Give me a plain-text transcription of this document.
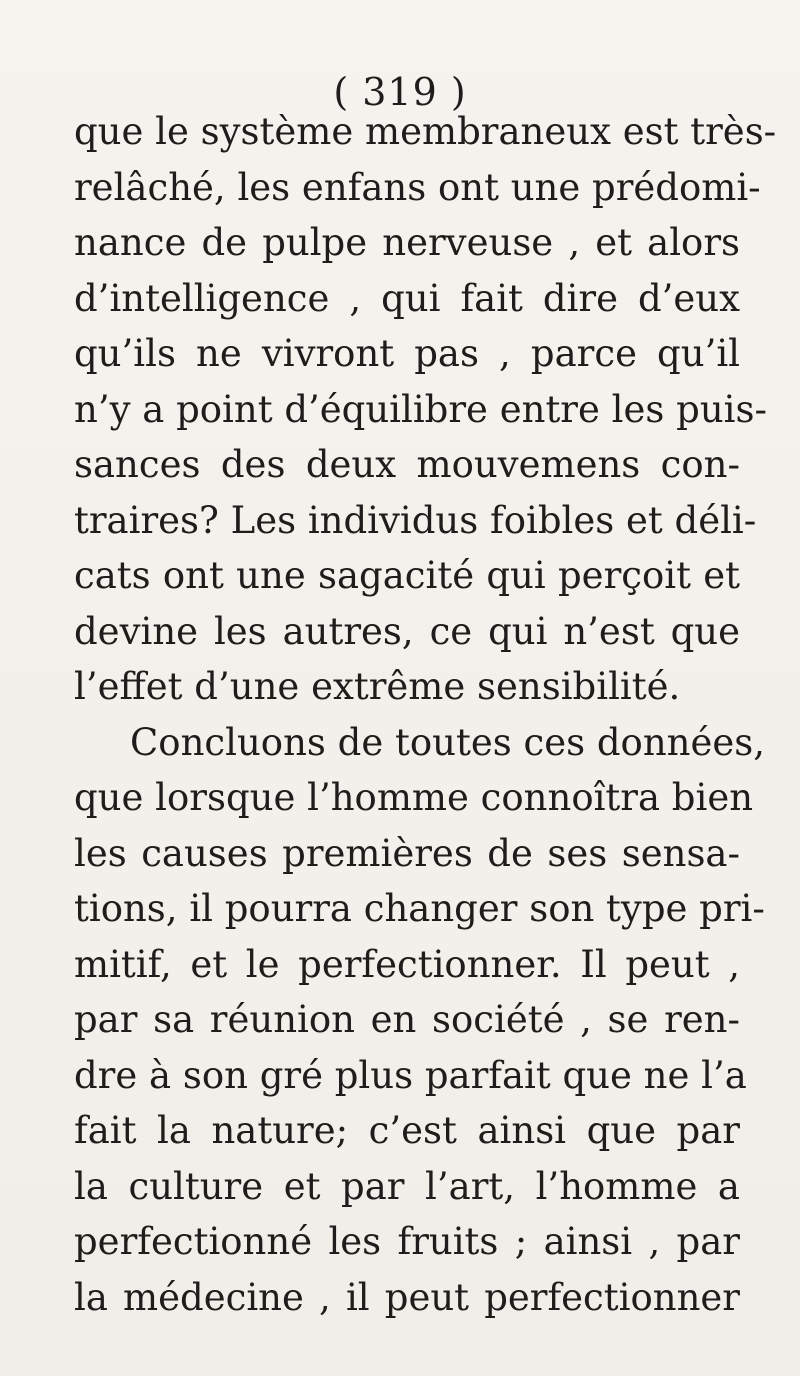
( 319 )
que le système membraneux est très-
relâché, les enfans ont une prédomi-
nance de pulpe nerveuse , et alors
d’intelligence , qui fait dire d’eux
qu’ils ne vivront pas , parce qu’il
n’y a point d’équilibre entre les puis-
sances des deux mouvemens con-
traires? Les individus foibles et déli-
cats ont une sagacité qui perçoit et
devine les autres, ce qui n’est que
l’effet d’une extrême sensibilité.
Concluons de toutes ces données,
que lorsque l’homme connoîtra bien
les causes premières de ses sensa-
tions, il pourra changer son type pri-
mitif, et le perfectionner. Il peut ,
par sa réunion en société , se ren-
dre à son gré plus parfait que ne l’a
fait la nature; c’est ainsi que par
la culture et par l’art, l’homme a
perfectionné les fruits ; ainsi , par
la médecine , il peut perfectionner
